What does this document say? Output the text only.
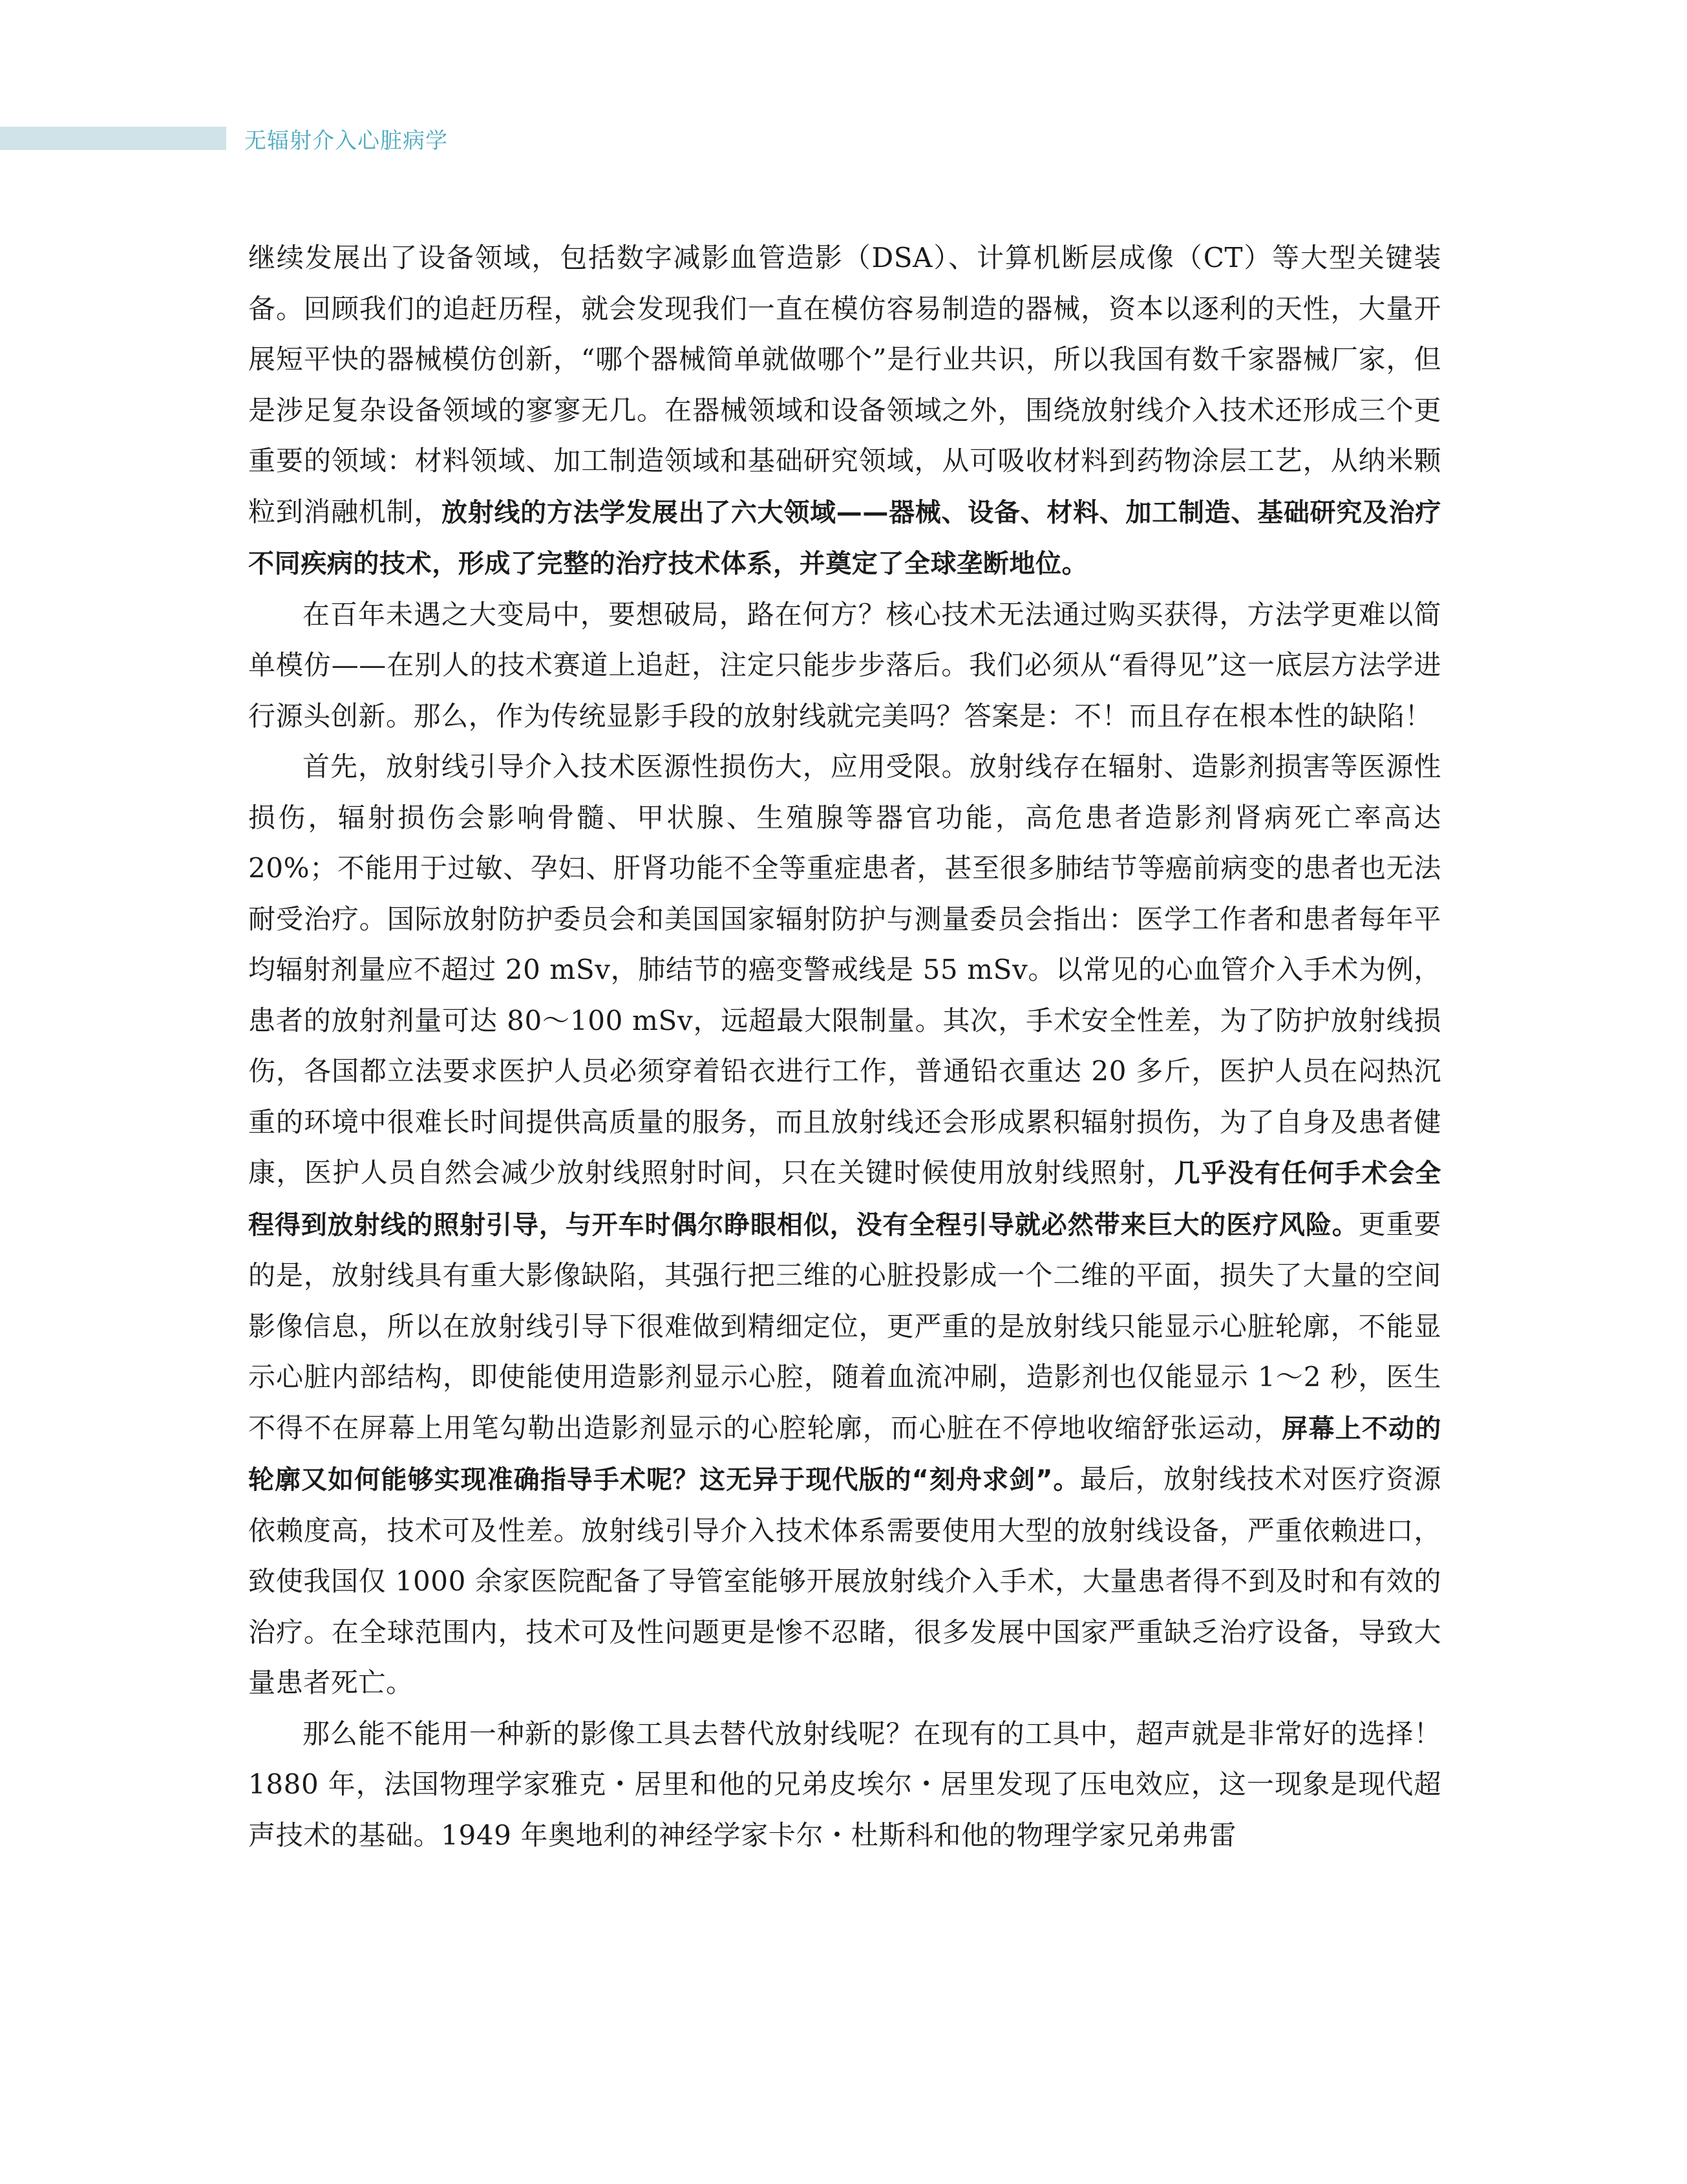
无辐射介入心脏病学

继续发展出了设备领域，包括数字减影血管造影（DSA）、计算机断层成像（CT）等大型关键装备。回顾我们的追赶历程，就会发现我们一直在模仿容易制造的器械，资本以逐利的天性，大量开展短平快的器械模仿创新，“哪个器械简单就做哪个”是行业共识，所以我国有数千家器械厂家，但是涉足复杂设备领域的寥寥无几。在器械领域和设备领域之外，围绕放射线介入技术还形成三个更重要的领域：材料领域、加工制造领域和基础研究领域，从可吸收材料到药物涂层工艺，从纳米颗粒到消融机制，放射线的方法学发展出了六大领域——器械、设备、材料、加工制造、基础研究及治疗不同疾病的技术，形成了完整的治疗技术体系，并奠定了全球垄断地位。

在百年未遇之大变局中，要想破局，路在何方？核心技术无法通过购买获得，方法学更难以简单模仿——在别人的技术赛道上追赶，注定只能步步落后。我们必须从“看得见”这一底层方法学进行源头创新。那么，作为传统显影手段的放射线就完美吗？答案是：不！而且存在根本性的缺陷！

首先，放射线引导介入技术医源性损伤大，应用受限。放射线存在辐射、造影剂损害等医源性损伤，辐射损伤会影响骨髓、甲状腺、生殖腺等器官功能，高危患者造影剂肾病死亡率高达 20%；不能用于过敏、孕妇、肝肾功能不全等重症患者，甚至很多肺结节等癌前病变的患者也无法耐受治疗。国际放射防护委员会和美国国家辐射防护与测量委员会指出：医学工作者和患者每年平均辐射剂量应不超过 20 mSv，肺结节的癌变警戒线是 55 mSv。以常见的心血管介入手术为例，患者的放射剂量可达 80～100 mSv，远超最大限制量。其次，手术安全性差，为了防护放射线损伤，各国都立法要求医护人员必须穿着铅衣进行工作，普通铅衣重达 20 多斤，医护人员在闷热沉重的环境中很难长时间提供高质量的服务，而且放射线还会形成累积辐射损伤，为了自身及患者健康，医护人员自然会减少放射线照射时间，只在关键时候使用放射线照射，几乎没有任何手术会全程得到放射线的照射引导，与开车时偶尔睁眼相似，没有全程引导就必然带来巨大的医疗风险。更重要的是，放射线具有重大影像缺陷，其强行把三维的心脏投影成一个二维的平面，损失了大量的空间影像信息，所以在放射线引导下很难做到精细定位，更严重的是放射线只能显示心脏轮廓，不能显示心脏内部结构，即使能使用造影剂显示心腔，随着血流冲刷，造影剂也仅能显示 1～2 秒，医生不得不在屏幕上用笔勾勒出造影剂显示的心腔轮廓，而心脏在不停地收缩舒张运动，屏幕上不动的轮廓又如何能够实现准确指导手术呢？这无异于现代版的“刻舟求剑”。最后，放射线技术对医疗资源依赖度高，技术可及性差。放射线引导介入技术体系需要使用大型的放射线设备，严重依赖进口，致使我国仅 1000 余家医院配备了导管室能够开展放射线介入手术，大量患者得不到及时和有效的治疗。在全球范围内，技术可及性问题更是惨不忍睹，很多发展中国家严重缺乏治疗设备，导致大量患者死亡。

那么能不能用一种新的影像工具去替代放射线呢？在现有的工具中，超声就是非常好的选择！ 1880 年，法国物理学家雅克・居里和他的兄弟皮埃尔・居里发现了压电效应，这一现象是现代超声技术的基础。1949 年奥地利的神经学家卡尔・杜斯科和他的物理学家兄弟弗雷
